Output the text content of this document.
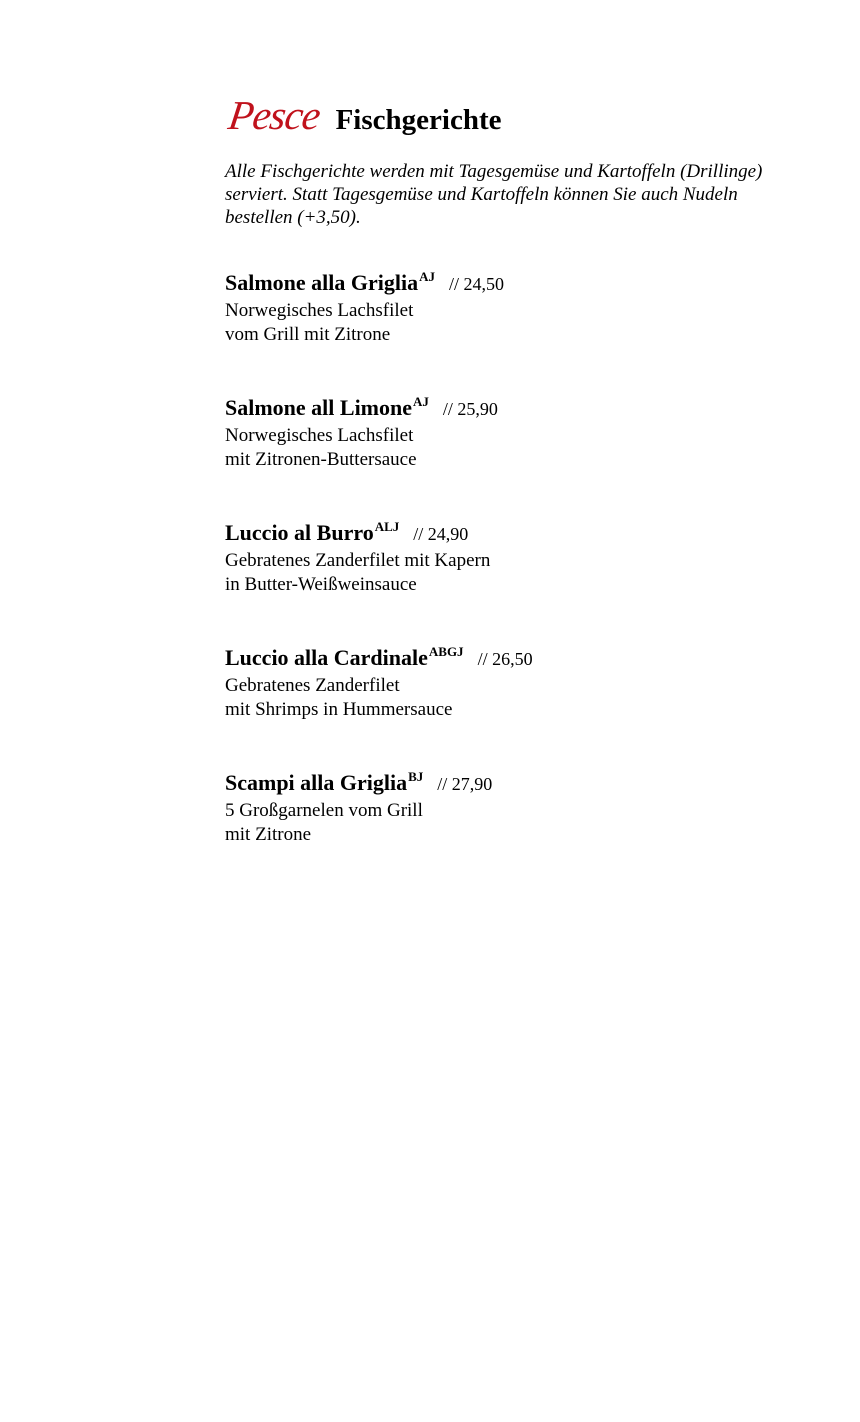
Pesce Fischgerichte
Alle Fischgerichte werden mit Tagesgemüse und Kartoffeln (Drillinge) serviert. Statt Tagesgemüse und Kartoffeln können Sie auch Nudeln bestellen (+3,50).
Salmone alla Griglia$^{AJ}$ // 24,50
Norwegisches Lachsfilet
vom Grill mit Zitrone
Salmone all Limone$^{AJ}$ // 25,90
Norwegisches Lachsfilet
mit Zitronen-Buttersauce
Luccio al Burro$^{ALJ}$ // 24,90
Gebratenes Zanderfilet mit Kapern
in Butter-Weißweinsauce
Luccio alla Cardinale$^{ABGJ}$ // 26,50
Gebratenes Zanderfilet
mit Shrimps in Hummersauce
Scampi alla Griglia$^{BJ}$ // 27,90
5 Großgarnelen vom Grill
mit Zitrone
